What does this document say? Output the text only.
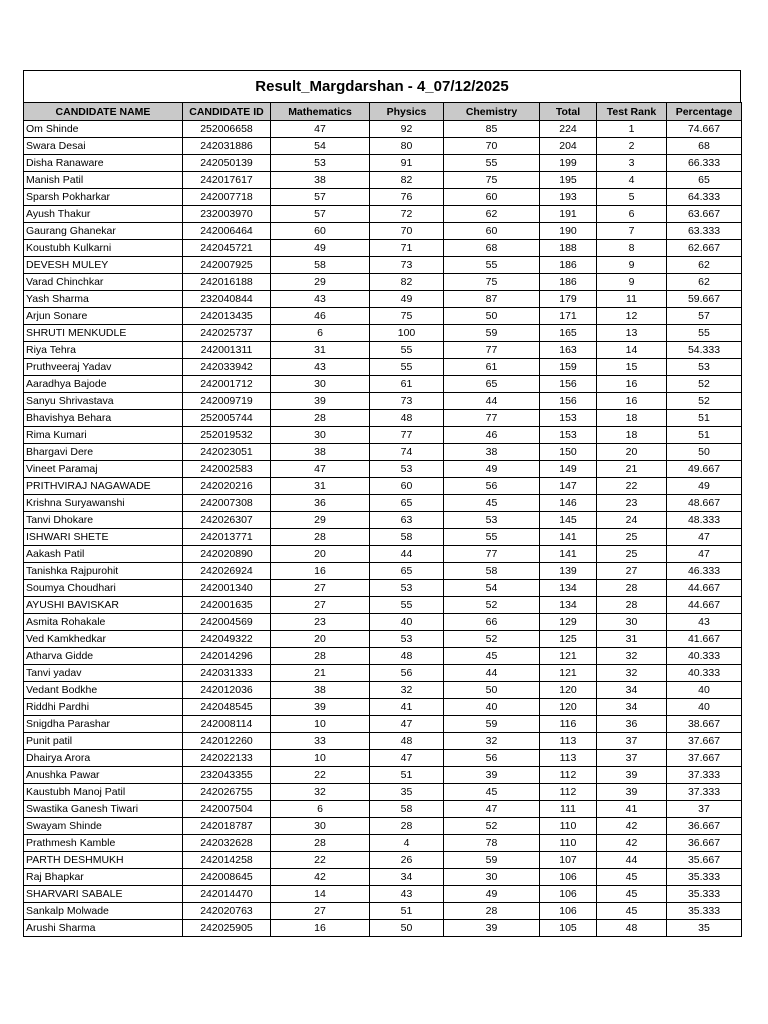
Result_Margdarshan - 4_07/12/2025
CANDIDATE NAME	CANDIDATE ID	Mathematics	Physics	Chemistry	Total	Test Rank	Percentage
Om Shinde	252006658	47	92	85	224	1	74.667
Swara Desai	242031886	54	80	70	204	2	68
Disha Ranaware	242050139	53	91	55	199	3	66.333
Manish Patil	242017617	38	82	75	195	4	65
Sparsh Pokharkar	242007718	57	76	60	193	5	64.333
Ayush Thakur	232003970	57	72	62	191	6	63.667
Gaurang Ghanekar	242006464	60	70	60	190	7	63.333
Koustubh Kulkarni	242045721	49	71	68	188	8	62.667
DEVESH MULEY	242007925	58	73	55	186	9	62
Varad Chinchkar	242016188	29	82	75	186	9	62
Yash Sharma	232040844	43	49	87	179	11	59.667
Arjun Sonare	242013435	46	75	50	171	12	57
SHRUTI MENKUDLE	242025737	6	100	59	165	13	55
Riya Tehra	242001311	31	55	77	163	14	54.333
Pruthveeraj Yadav	242033942	43	55	61	159	15	53
Aaradhya Bajode	242001712	30	61	65	156	16	52
Sanyu Shrivastava	242009719	39	73	44	156	16	52
Bhavishya Behara	252005744	28	48	77	153	18	51
Rima Kumari	252019532	30	77	46	153	18	51
Bhargavi Dere	242023051	38	74	38	150	20	50
Vineet Paramaj	242002583	47	53	49	149	21	49.667
PRITHVIRAJ NAGAWADE	242020216	31	60	56	147	22	49
Krishna Suryawanshi	242007308	36	65	45	146	23	48.667
Tanvi Dhokare	242026307	29	63	53	145	24	48.333
ISHWARI SHETE	242013771	28	58	55	141	25	47
Aakash Patil	242020890	20	44	77	141	25	47
Tanishka Rajpurohit	242026924	16	65	58	139	27	46.333
Soumya Choudhari	242001340	27	53	54	134	28	44.667
AYUSHI BAVISKAR	242001635	27	55	52	134	28	44.667
Asmita Rohakale	242004569	23	40	66	129	30	43
Ved Kamkhedkar	242049322	20	53	52	125	31	41.667
Atharva Gidde	242014296	28	48	45	121	32	40.333
Tanvi yadav	242031333	21	56	44	121	32	40.333
Vedant Bodkhe	242012036	38	32	50	120	34	40
Riddhi Pardhi	242048545	39	41	40	120	34	40
Snigdha Parashar	242008114	10	47	59	116	36	38.667
Punit patil	242012260	33	48	32	113	37	37.667
Dhairya Arora	242022133	10	47	56	113	37	37.667
Anushka Pawar	232043355	22	51	39	112	39	37.333
Kaustubh Manoj Patil	242026755	32	35	45	112	39	37.333
Swastika Ganesh Tiwari	242007504	6	58	47	111	41	37
Swayam Shinde	242018787	30	28	52	110	42	36.667
Prathmesh Kamble	242032628	28	4	78	110	42	36.667
PARTH DESHMUKH	242014258	22	26	59	107	44	35.667
Raj Bhapkar	242008645	42	34	30	106	45	35.333
SHARVARI SABALE	242014470	14	43	49	106	45	35.333
Sankalp Molwade	242020763	27	51	28	106	45	35.333
Arushi Sharma	242025905	16	50	39	105	48	35
